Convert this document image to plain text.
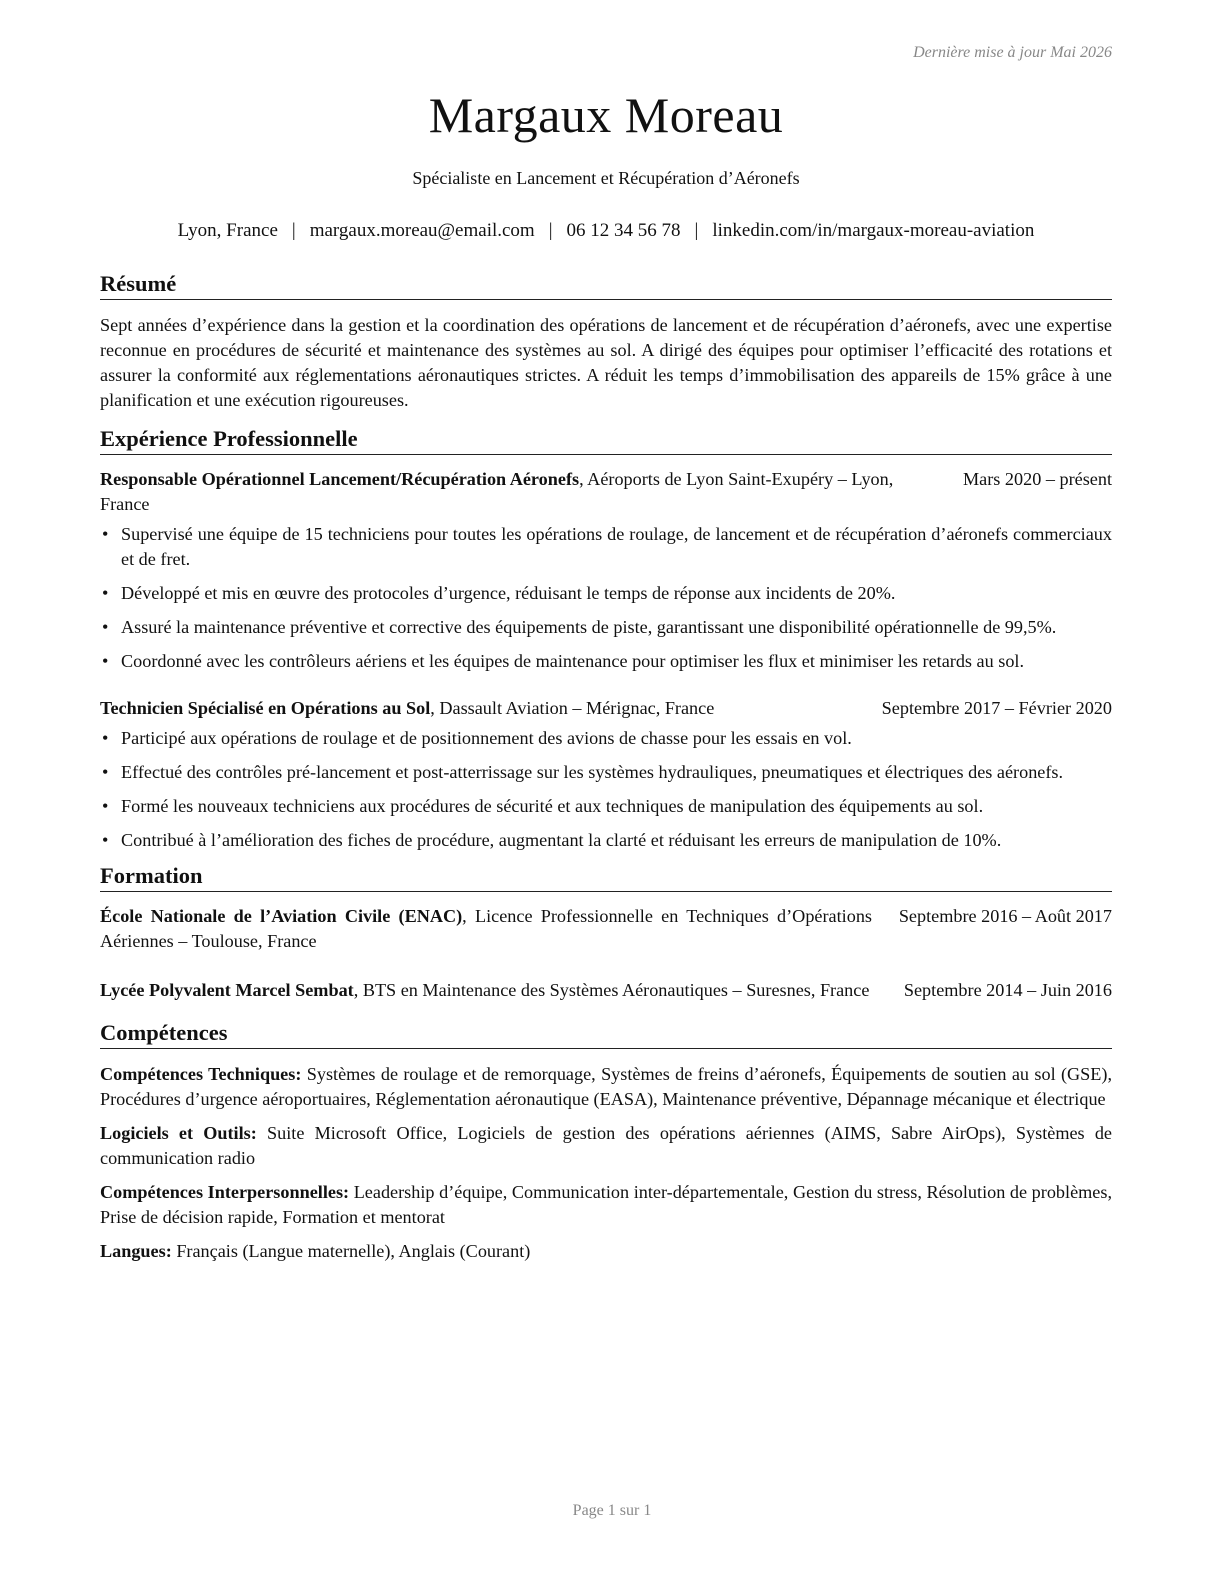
Dernière mise à jour Mai 2026
Margaux Moreau
Spécialiste en Lancement et Récupération d’Aéronefs
Lyon, France | margaux.moreau@email.com | 06 12 34 56 78 | linkedin.com/in/margaux-moreau-aviation
Résumé

Sept années d’expérience dans la gestion et la coordination des opérations de lancement et de récupération d’aéronefs, avec une expertise reconnue en procédures de sécurité et maintenance des systèmes au sol. A dirigé des équipes pour optimiser l’efficacité des rotations et assurer la conformité aux réglementations aéronautiques strictes. A réduit les temps d’immobilisation des appareils de 15% grâce à une planification et une exécution rigoureuses.

Expérience Professionnelle
Responsable Opérationnel Lancement/Récupération Aéronefs, Aéroports de Lyon Saint-Exupéry – Lyon, France
Mars 2020 – présent
• Supervisé une équipe de 15 techniciens pour toutes les opérations de roulage, de lancement et de récupération d’aéronefs commerciaux et de fret.
• Développé et mis en œuvre des protocoles d’urgence, réduisant le temps de réponse aux incidents de 20%.
• Assuré la maintenance préventive et corrective des équipements de piste, garantissant une disponibilité opérationnelle de 99,5%.
• Coordonné avec les contrôleurs aériens et les équipes de maintenance pour optimiser les flux et minimiser les retards au sol.
Technicien Spécialisé en Opérations au Sol, Dassault Aviation – Mérignac, France	Septembre 2017 – Février 2020
• Participé aux opérations de roulage et de positionnement des avions de chasse pour les essais en vol.
• Effectué des contrôles pré-lancement et post-atterrissage sur les systèmes hydrauliques, pneumatiques et électriques des aéronefs.
• Formé les nouveaux techniciens aux procédures de sécurité et aux techniques de manipulation des équipements au sol.
• Contribué à l’amélioration des fiches de procédure, augmentant la clarté et réduisant les erreurs de manipulation de 10%.
Formation
École Nationale de l’Aviation Civile (ENAC), Licence Professionnelle en Techniques d’Opérations Aériennes – Toulouse, France
Septembre 2016 – Août 2017
Lycée Polyvalent Marcel Sembat, BTS en Maintenance des Systèmes Aéronautiques – Suresnes, France	Septembre 2014 – Juin 2016
Compétences

Compétences Techniques: Systèmes de roulage et de remorquage, Systèmes de freins d’aéronefs, Équipements de soutien au sol (GSE), Procédures d’urgence aéroportuaires, Réglementation aéronautique (EASA), Maintenance préventive, Dépannage mécanique et électrique

Logiciels et Outils: Suite Microsoft Office, Logiciels de gestion des opérations aériennes (AIMS, Sabre AirOps), Systèmes de communication radio

Compétences Interpersonnelles: Leadership d’équipe, Communication inter-départementale, Gestion du stress, Résolution de problèmes, Prise de décision rapide, Formation et mentorat

Langues: Français (Langue maternelle), Anglais (Courant)

Page 1 sur 1
